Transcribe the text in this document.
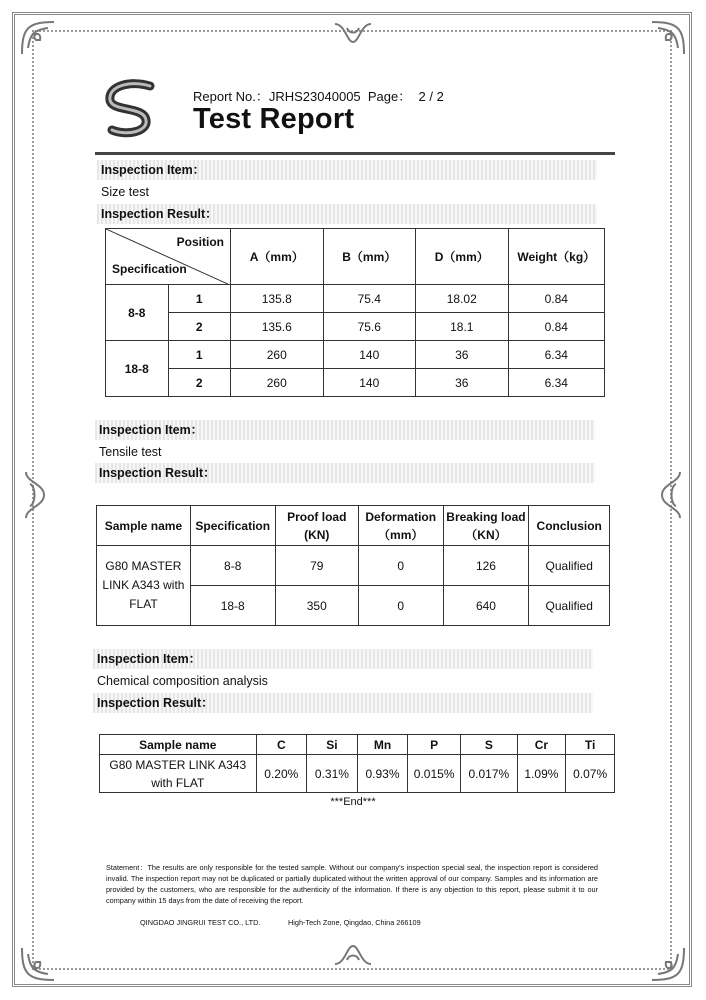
Report No.：JRHS23040005 Page： 2 / 2
Test Report
Inspection Item：
Size test
Inspection Result：
Position
Specification		A（mm）	B（mm）	D（mm）	Weight（kg）
8-8	1	135.8	75.4	18.02	0.84
	2	135.6	75.6	18.1	0.84
18-8	1	260	140	36	6.34
	2	260	140	36	6.34
Inspection Item：
Tensile test
Inspection Result：
Sample name	Specification	Proof load (KN)	Deformation （mm）	Breaking load（KN）	Conclusion
G80 MASTER LINK A343 with FLAT	8-8	79	0	126	Qualified
	18-8	350	0	640	Qualified
Inspection Item：
Chemical composition analysis
Inspection Result：
Sample name	C	Si	Mn	P	S	Cr	Ti
G80 MASTER LINK A343 with FLAT	0.20%	0.31%	0.93%	0.015%	0.017%	1.09%	0.07%
***End***
Statement：The results are only responsible for the tested sample. Without our company's inspection special seal, the inspection report is considered invalid. The inspection report may not be duplicated or partially duplicated without the written approval of our company. Samples and its information are provided by the customers, who are responsible for the authenticity of the information. If there is any objection to this report, please submit it to our company within 15 days from the date of receiving the report.
QINGDAO JINGRUI TEST CO., LTD.	High-Tech Zone, Qingdao, China 266109
